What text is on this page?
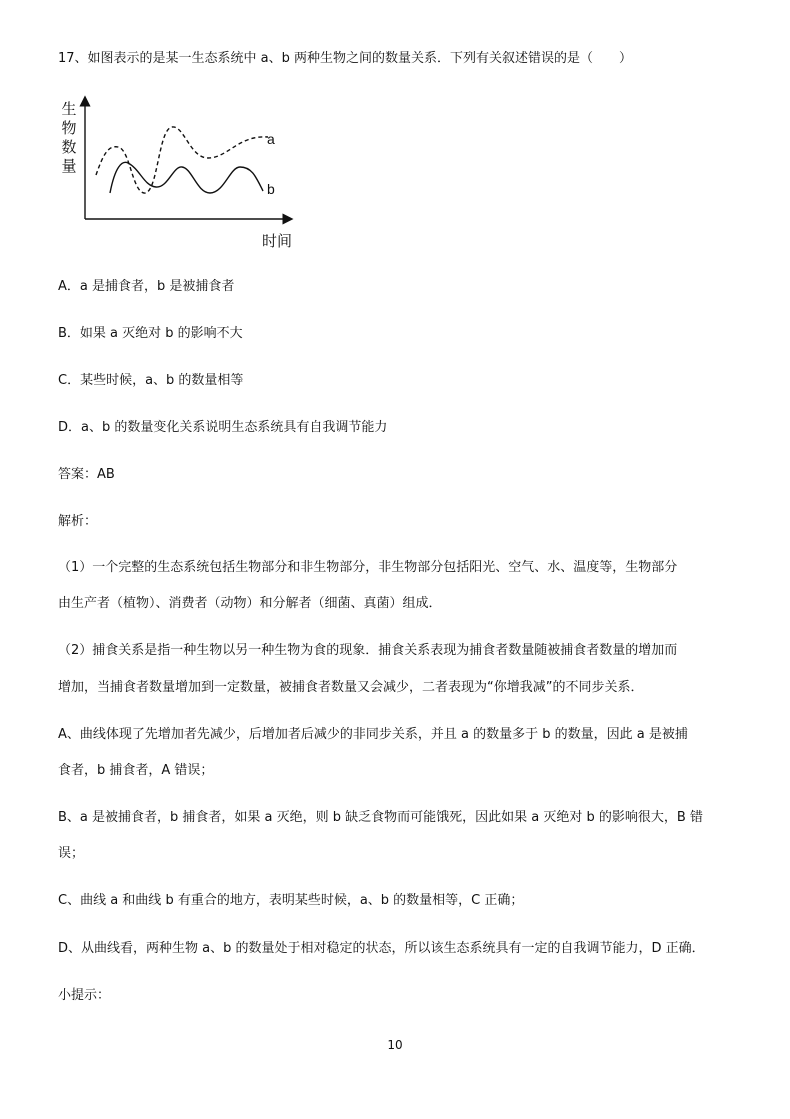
17、如图表示的是某一生态系统中 a、b 两种生物之间的数量关系．下列有关叙述错误的是（　　）
生物数量
时间
a
b
A．a 是捕食者，b 是被捕食者
B．如果 a 灭绝对 b 的影响不大
C．某些时候，a、b 的数量相等
D．a、b 的数量变化关系说明生态系统具有自我调节能力
答案：AB
解析：
（1）一个完整的生态系统包括生物部分和非生物部分，非生物部分包括阳光、空气、水、温度等，生物部分
由生产者（植物）、消费者（动物）和分解者（细菌、真菌）组成．
（2）捕食关系是指一种生物以另一种生物为食的现象．捕食关系表现为捕食者数量随被捕食者数量的增加而
增加，当捕食者数量增加到一定数量，被捕食者数量又会减少，二者表现为“你增我减”的不同步关系．
A、曲线体现了先增加者先减少，后增加者后减少的非同步关系，并且 a 的数量多于 b 的数量，因此 a 是被捕
食者，b 捕食者，A 错误；
B、a 是被捕食者，b 捕食者，如果 a 灭绝，则 b 缺乏食物而可能饿死，因此如果 a 灭绝对 b 的影响很大，B 错
误；
C、曲线 a 和曲线 b 有重合的地方，表明某些时候，a、b 的数量相等，C 正确；
D、从曲线看，两种生物 a、b 的数量处于相对稳定的状态，所以该生态系统具有一定的自我调节能力，D 正确．
小提示：
10
